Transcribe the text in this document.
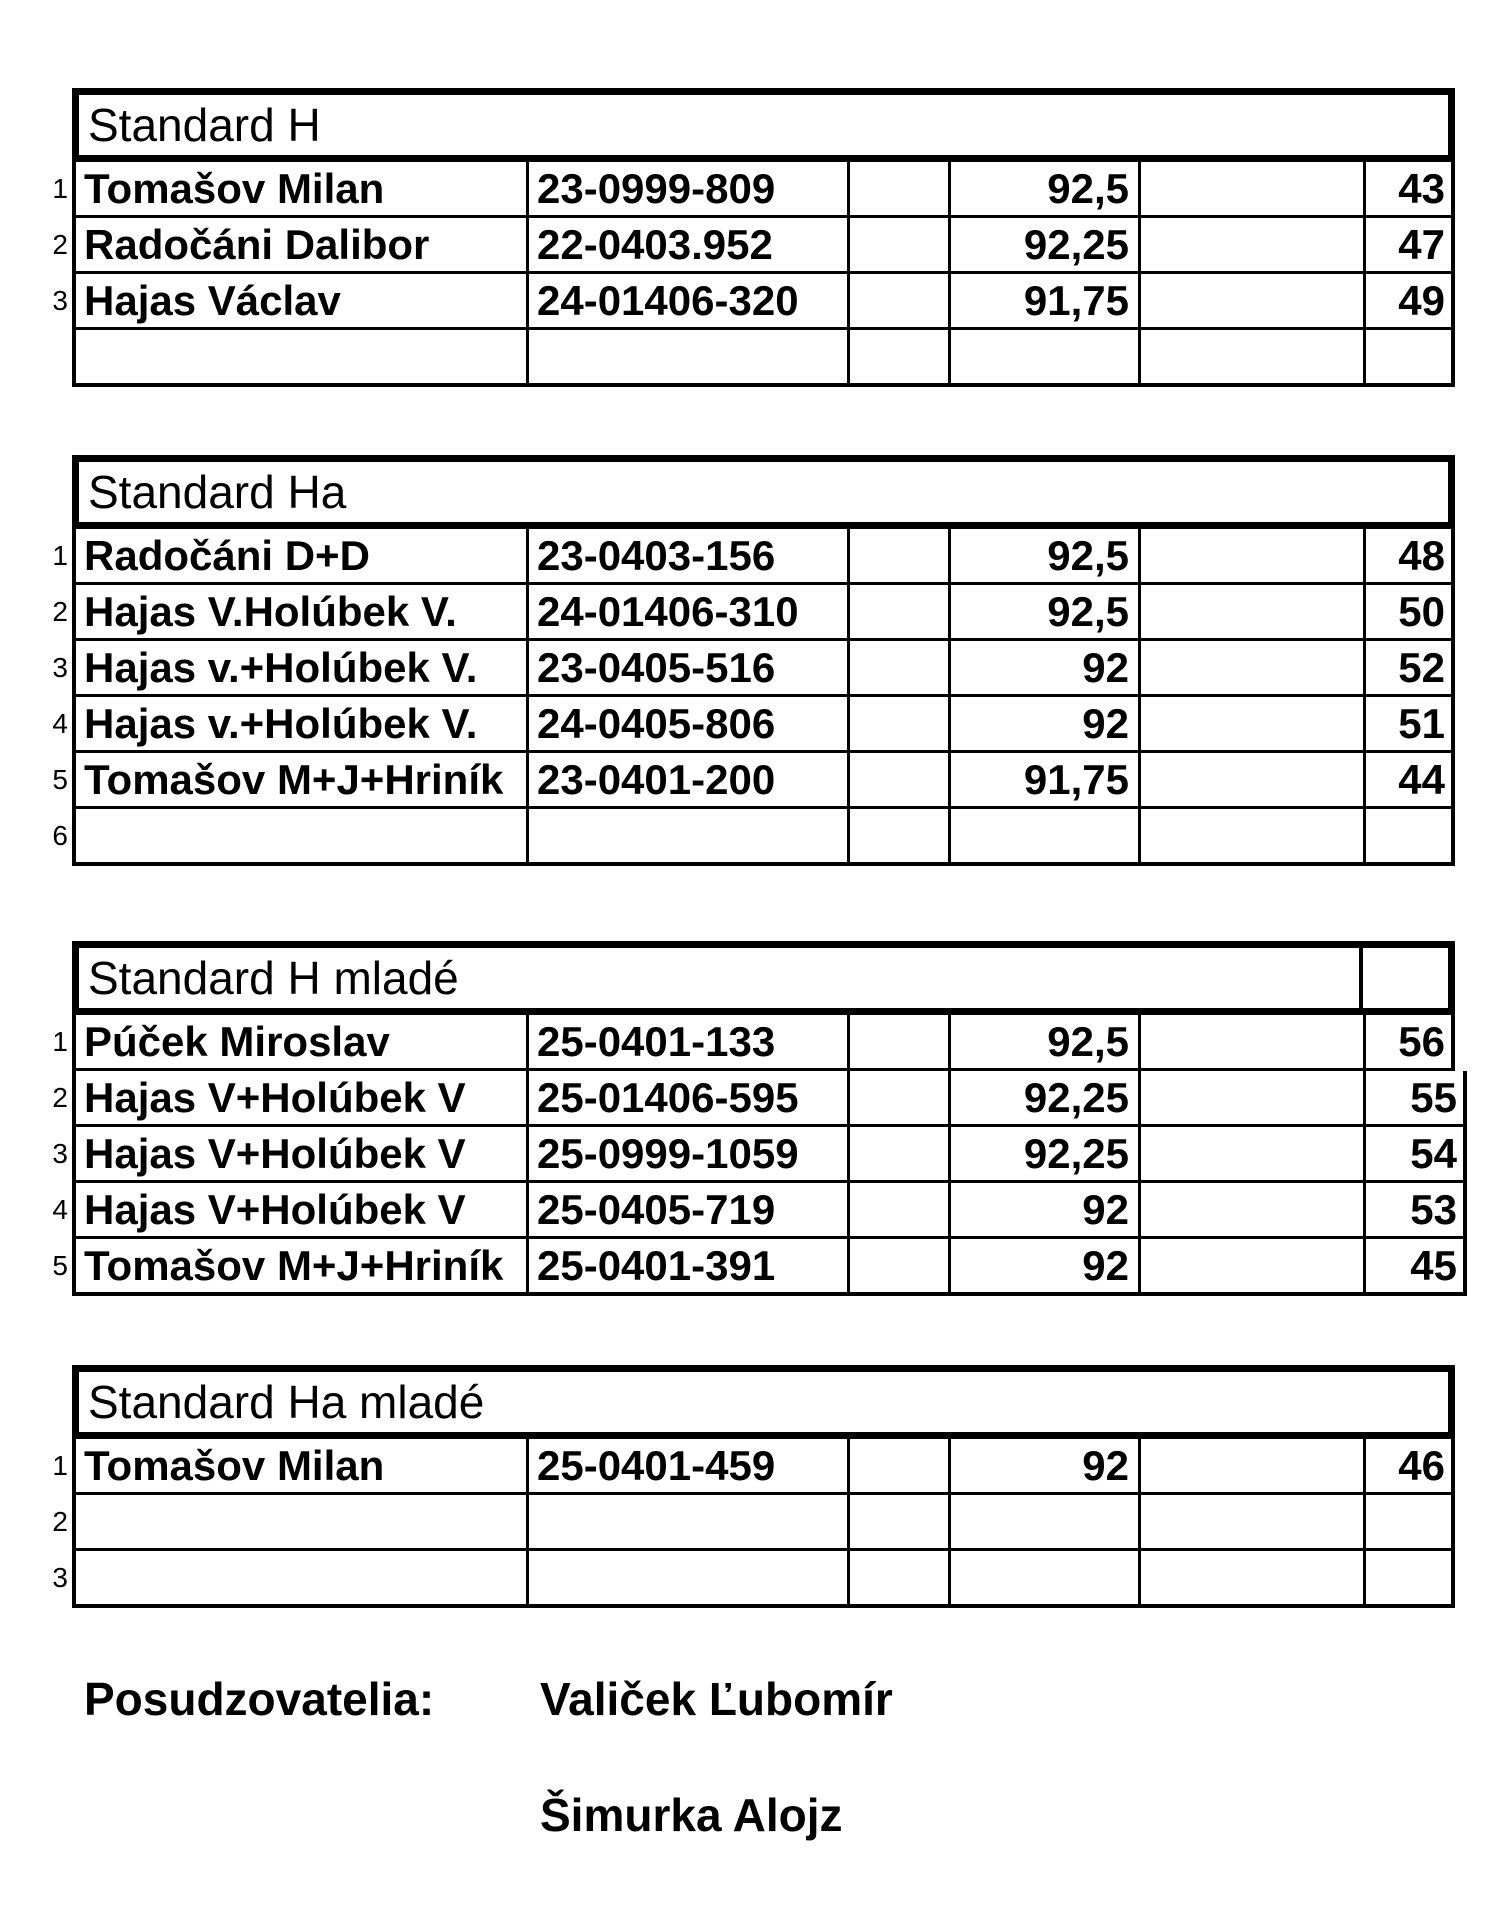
Standard H
1 Tomašov Milan	23-0999-809	92,5	43
2 Radočáni Dalibor	22-0403.952	92,25	47
3 Hajas Václav	24-01406-320	91,75	49
Standard Ha
1 Radočáni D+D	23-0403-156	92,5	48
2 Hajas V.Holúbek V.	24-01406-310	92,5	50
3 Hajas v.+Holúbek V.	23-0405-516	92	52
4 Hajas v.+Holúbek V.	24-0405-806	92	51
5 Tomašov M+J+Hriník 23-0401-200	91,75	44
6
Standard H mladé
1 Púček Miroslav	25-0401-133	92,5	56
2 Hajas V+Holúbek V	25-01406-595	92,25	55
3 Hajas V+Holúbek V	25-0999-1059	92,25	54
4 Hajas V+Holúbek V	25-0405-719	92	53
5 Tomašov M+J+Hriník 25-0401-391	92	45
Standard Ha mladé
1 Tomašov Milan	25-0401-459	92	46
2
3
Posudzovatelia:	Valiček Ľubomír
Šimurka Alojz
